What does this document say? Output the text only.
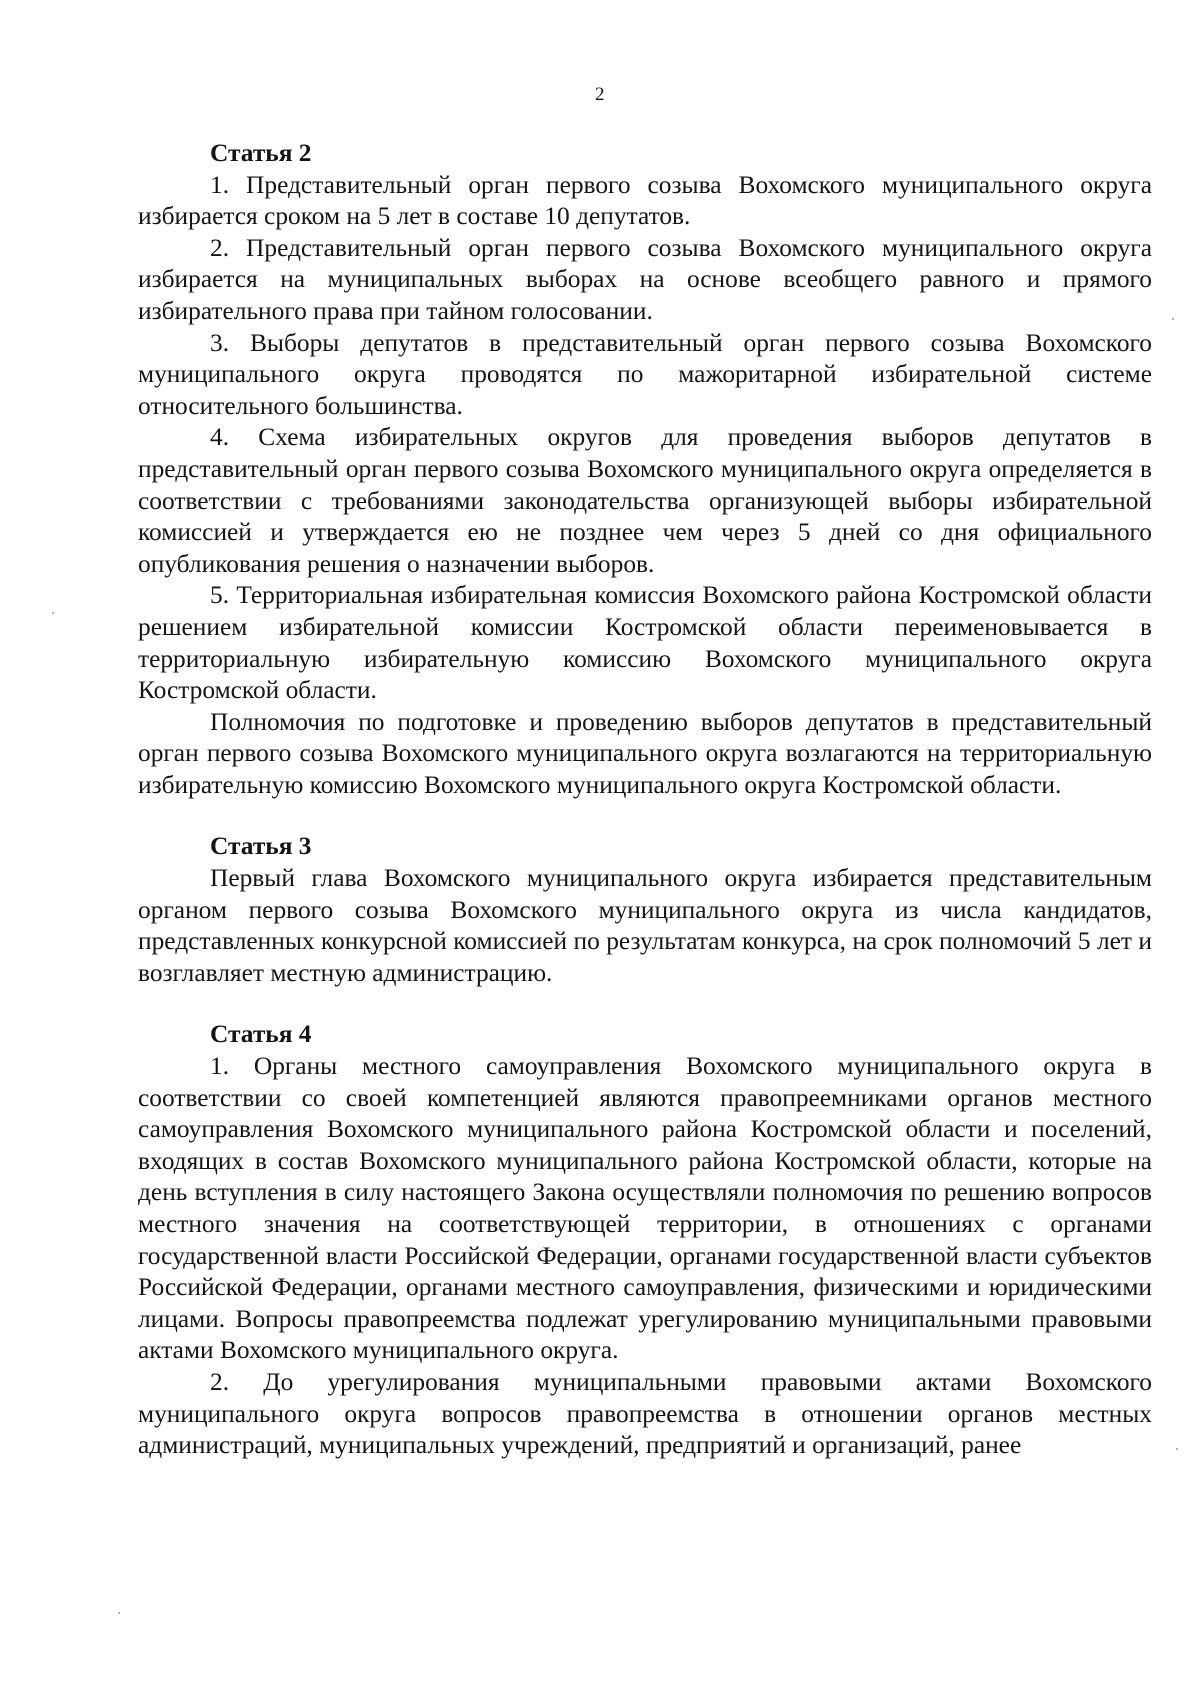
2

Статья 2

1. Представительный орган первого созыва Вохомского муниципального округа избирается сроком на 5 лет в составе 10 депутатов.

2. Представительный орган первого созыва Вохомского муниципального округа избирается на муниципальных выборах на основе всеобщего равного и прямого избирательного права при тайном голосовании.

3. Выборы депутатов в представительный орган первого созыва Вохомского муниципального округа проводятся по мажоритарной избирательной системе относительного большинства.

4. Схема избирательных округов для проведения выборов депутатов в представительный орган первого созыва Вохомского муниципального округа определяется в соответствии с требованиями законодательства организующей выборы избирательной комиссией и утверждается ею не позднее чем через 5 дней со дня официального опубликования решения о назначении выборов.

5. Территориальная избирательная комиссия Вохомского района Костромской области решением избирательной комиссии Костромской области переименовывается в территориальную избирательную комиссию Вохомского муниципального округа Костромской области.

Полномочия по подготовке и проведению выборов депутатов в представительный орган первого созыва Вохомского муниципального округа возлагаются на территориальную избирательную комиссию Вохомского муниципального округа Костромской области.

Статья 3

Первый глава Вохомского муниципального округа избирается представительным органом первого созыва Вохомского муниципального округа из числа кандидатов, представленных конкурсной комиссией по результатам конкурса, на срок полномочий 5 лет и возглавляет местную администрацию.

Статья 4

1. Органы местного самоуправления Вохомского муниципального округа в соответствии со своей компетенцией являются правопреемниками органов местного самоуправления Вохомского муниципального района Костромской области и поселений, входящих в состав Вохомского муниципального района Костромской области, которые на день вступления в силу настоящего Закона осуществляли полномочия по решению вопросов местного значения на соответствующей территории, в отношениях с органами государственной власти Российской Федерации, органами государственной власти субъектов Российской Федерации, органами местного самоуправления, физическими и юридическими лицами. Вопросы правопреемства подлежат урегулированию муниципальными правовыми актами Вохомского муниципального округа.

2. До урегулирования муниципальными правовыми актами Вохомского муниципального округа вопросов правопреемства в отношении органов местных администраций, муниципальных учреждений, предприятий и организаций, ранее
